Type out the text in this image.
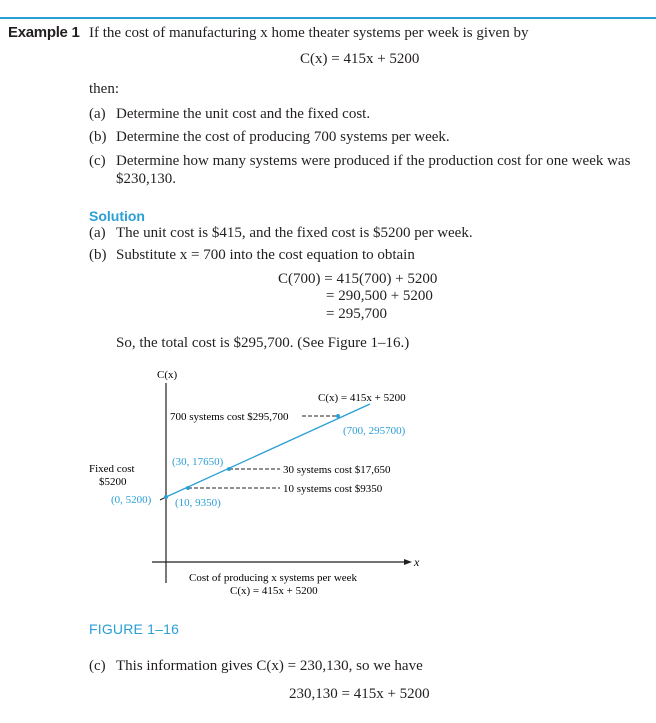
Example 1 If the cost of manufacturing x home theater systems per week is given by
C(x) = 415x + 5200
then:
(a) Determine the unit cost and the fixed cost.
(b) Determine the cost of producing 700 systems per week.
(c) Determine how many systems were produced if the production cost for one week was $230,130.
Solution
(a) The unit cost is $415, and the fixed cost is $5200 per week.
(b) Substitute x = 700 into the cost equation to obtain
C(700) = 415(700) + 5200
= 290,500 + 5200
= 295,700
So, the total cost is $295,700. (See Figure 1–16.)
C(x)
x
C(x) = 415x + 5200
700 systems cost $295,700
(700, 295700)
(30, 17650)
30 systems cost $17,650
10 systems cost $9350
Fixed cost
$5200
(0, 5200) (10, 9350)
Cost of producing x systems per week
C(x) = 415x + 5200
FIGURE 1–16
(c) This information gives C(x) = 230,130, so we have
230,130 = 415x + 5200
